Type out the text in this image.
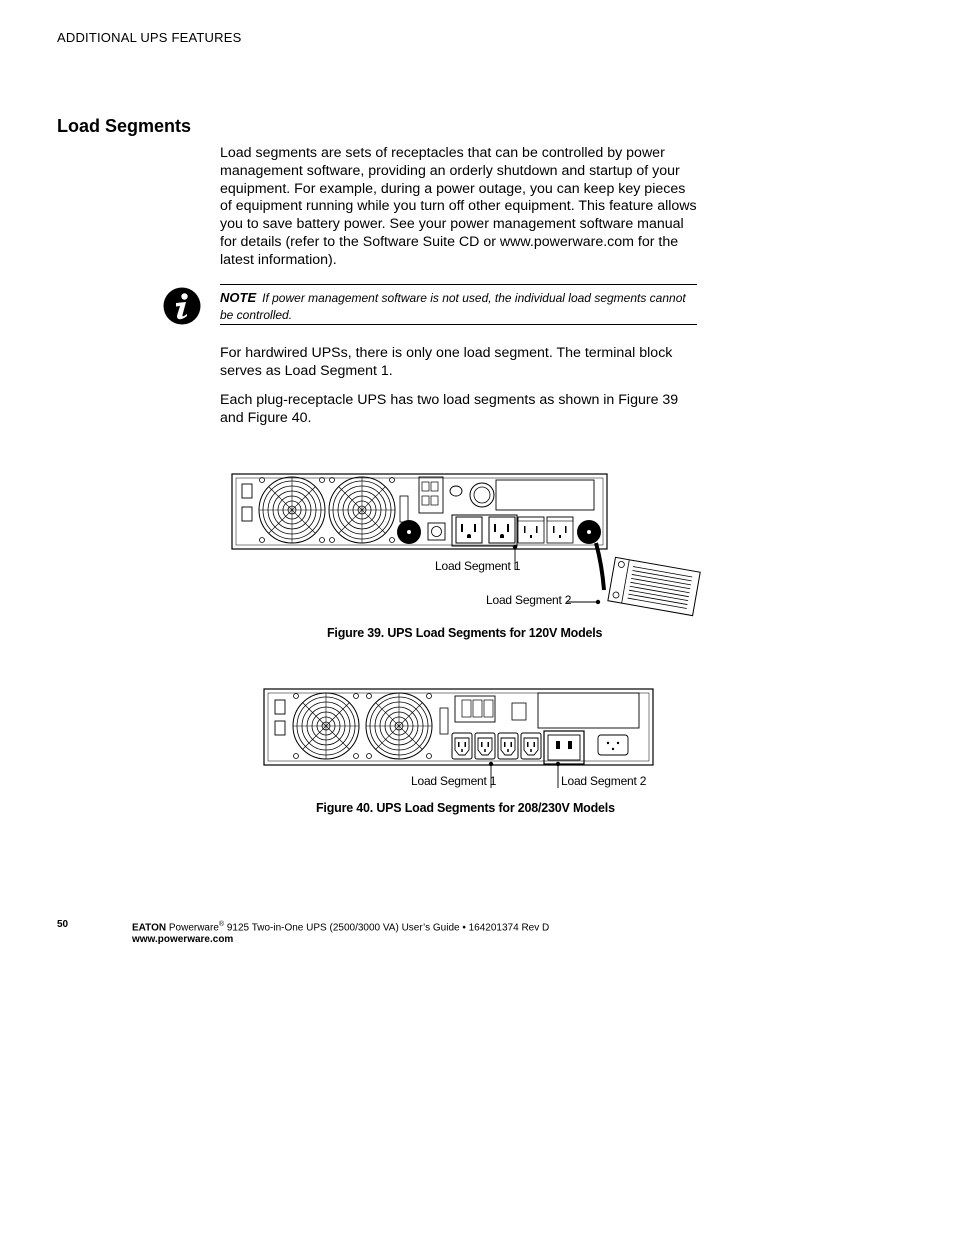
ADDITIONAL UPS FEATURES
Load Segments

Load segments are sets of receptacles that can be controlled by power management software, providing an orderly shutdown and startup of your equipment. For example, during a power outage, you can keep key pieces of equipment running while you turn off other equipment. This feature allows you to save battery power. See your power management software manual for details (refer to the Software Suite CD or www.powerware.com for the latest information).

NOTE If power management software is not used, the individual load segments cannot be controlled.

For hardwired UPSs, there is only one load segment. The terminal block serves as Load Segment 1.

Each plug-receptacle UPS has two load segments as shown in Figure 39 and Figure 40.

Load Segment 1
Load Segment 2
Figure 39. UPS Load Segments for 120V Models
Load Segment 1	Load Segment 2
Figure 40. UPS Load Segments for 208/230V Models
50	EATON Powerware® 9125 Two-in-One UPS (2500/3000 VA) User’s Guide • 164201374 Rev D
www.powerware.com
